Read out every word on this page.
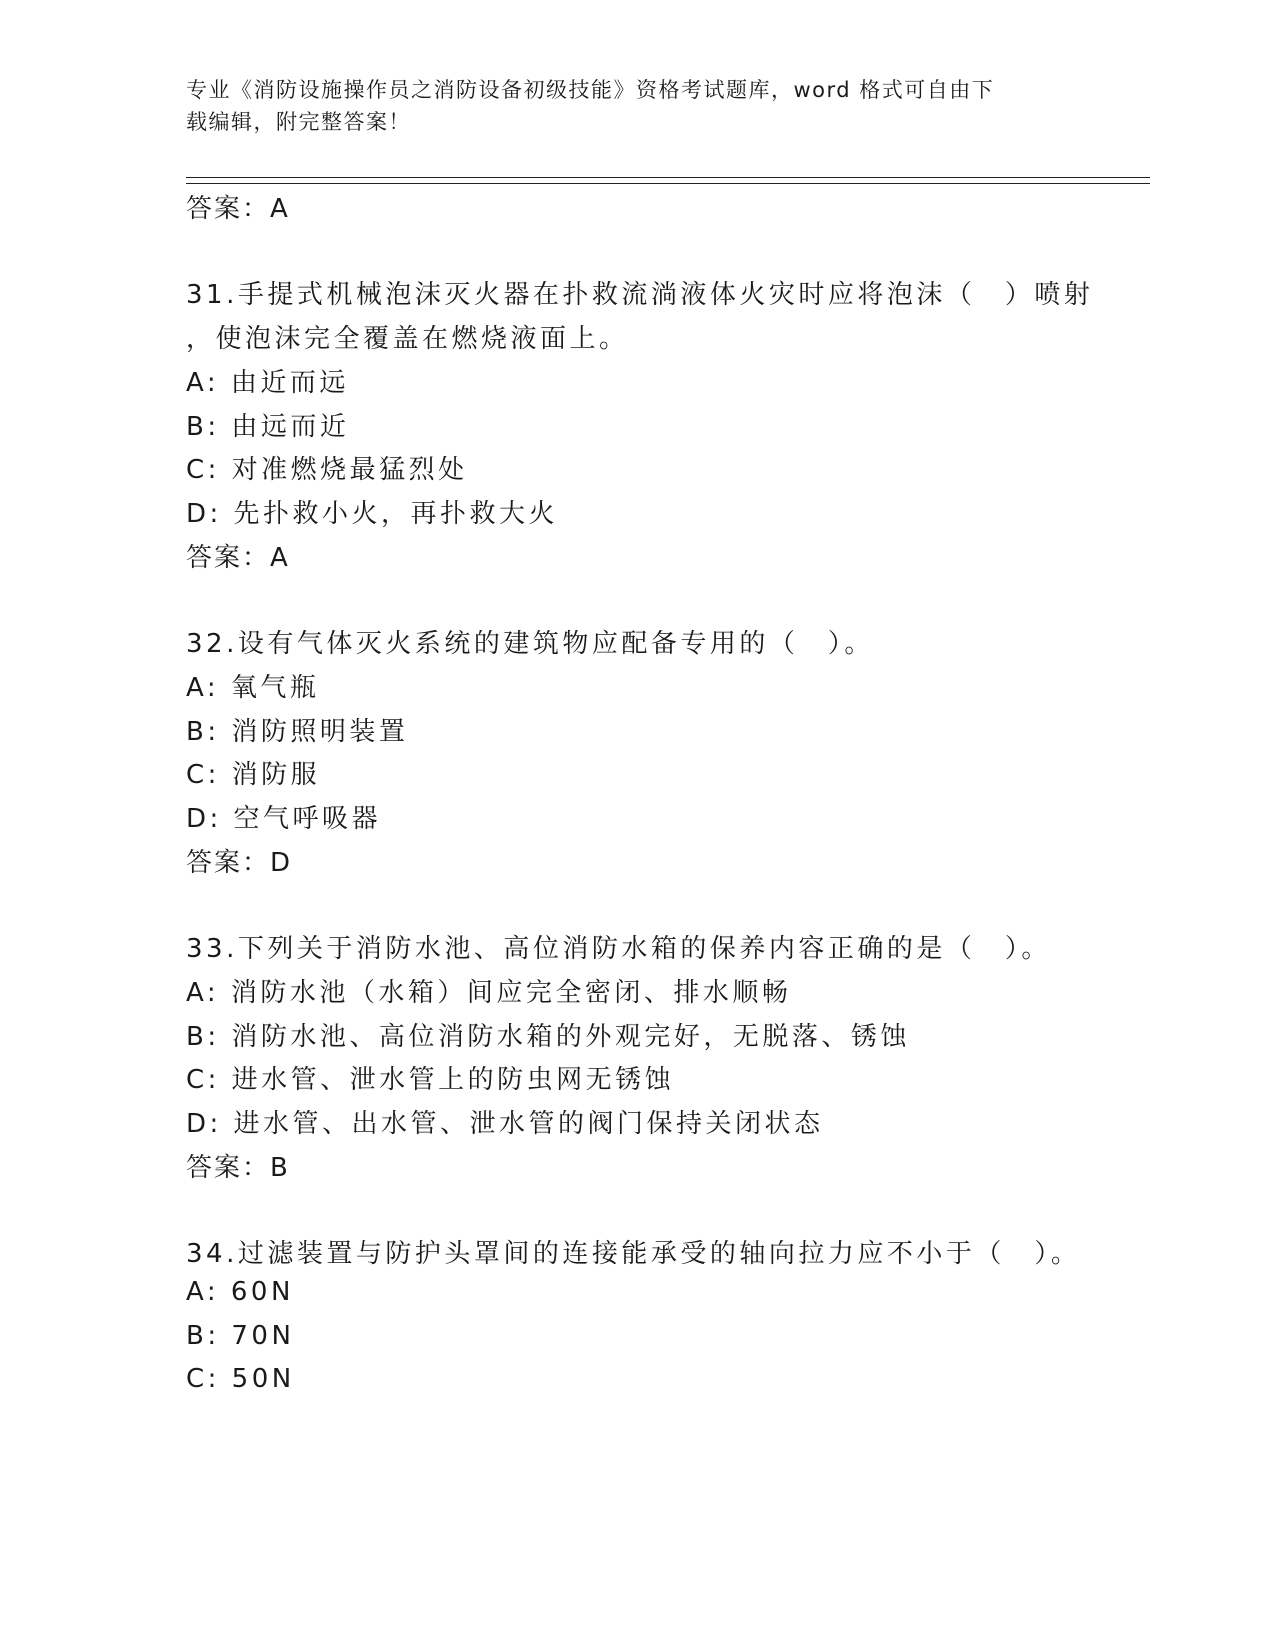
专业《消防设施操作员之消防设备初级技能》资格考试题库，word 格式可自由下
载编辑，附完整答案！
答案：A
31.手提式机械泡沫灭火器在扑救流淌液体火灾时应将泡沫（　）喷射
，使泡沫完全覆盖在燃烧液面上。
A: 由近而远
B: 由远而近
C: 对准燃烧最猛烈处
D: 先扑救小火，再扑救大火
答案：A
32.设有气体灭火系统的建筑物应配备专用的（　）。
A: 氧气瓶
B: 消防照明装置
C: 消防服
D: 空气呼吸器
答案：D
33.下列关于消防水池、高位消防水箱的保养内容正确的是（　）。
A: 消防水池（水箱）间应完全密闭、排水顺畅
B: 消防水池、高位消防水箱的外观完好，无脱落、锈蚀
C: 进水管、泄水管上的防虫网无锈蚀
D: 进水管、出水管、泄水管的阀门保持关闭状态
答案：B
34.过滤装置与防护头罩间的连接能承受的轴向拉力应不小于（　）。
A: 60N
B: 70N
C: 50N
